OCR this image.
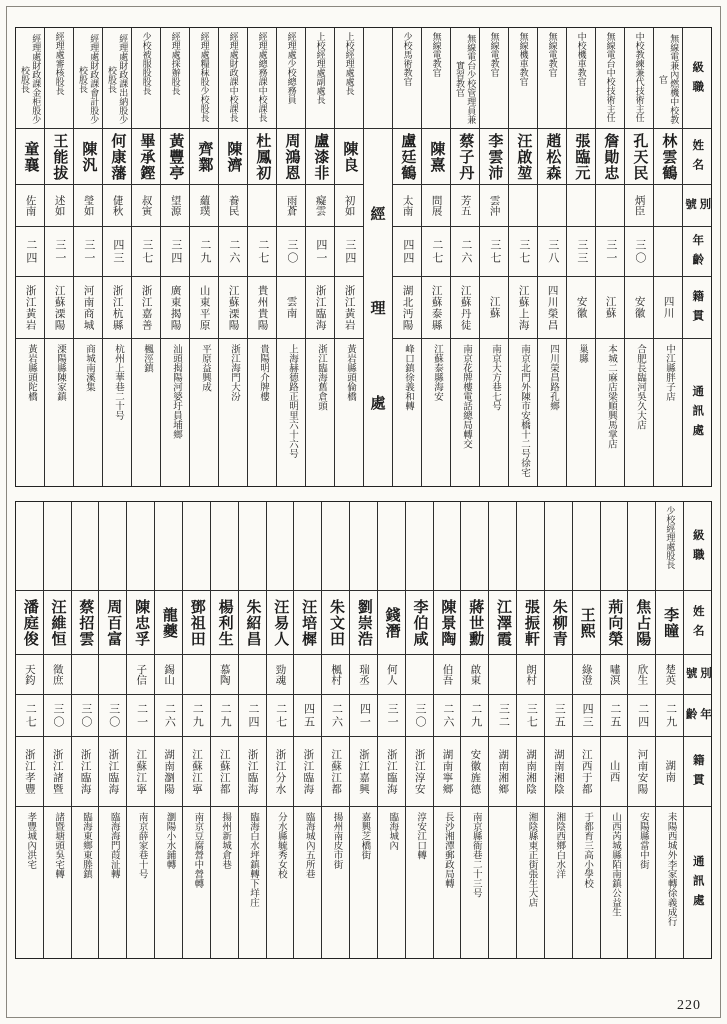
級職
姓名
別號
年齡
籍貫
通訊處
無線電兼內燃機中校教官
林雲鶴
四川
中江縣胖子店
中校教練兼代技術主任
孔天民
炳臣
三〇
安徽
合肥長臨河吳久大店
無線電台中校技術主任
詹勛忠
三一
江蘇
本城二麻店梁順興馬掌店
中校機車教官
張臨元
三三
安徽
巢縣
無線電教官
趙松森
三八
四川榮昌
四川榮昌路孔鄉
無線機車教官
汪啟堃
三七
江蘇上海
南京北門外陳市安橋十二号徐宅
無線電教官
李雲沛
雲沖
三七
江蘇
南京大方巷七号
無線電台少校管理員兼實習教官
蔡子丹
芳五
二六
江蘇丹徒
南京花牌樓電話總局轉交
無線電教官
陳熹
問展
二七
江蘇泰縣
江蘇泰縣海安
少校馬術教官
盧廷鶴
太南
四四
湖北沔陽
峰口鎮徐義和轉
經
理
處
上校經理處處長
陳良
初如
三四
浙江黃岩
黃岩縣頭倫橋
上校經理處副處長
盧漆非
癡雲
四一
浙江臨海
浙江臨海舊倉頭
經理處少校總務員
周鴻恩
雨蒼
三〇
雲南
上海赫德路正明里六十六号
經理處總務課中校課長
杜鳳初
二七
貴州貴陽
貴陽明介牌樓
經理處財政課中校課長
陳濟
養民
二六
江蘇溧陽
浙江海門大汾
經理處糧秣股少校股長
齊鄴
蘊璞
二九
山東平原
平原益興成
經理處採辦股長
黃豐亭
望源
三四
廣東揭陽
汕頭揭陽河婆圩員埔鄉
少校被服股股長
畢承鏗
叔寅
三七
浙江嘉善
楓涇鎮
經理處財政課出納股少校股長
何康藩
倢秋
四三
浙江杭縣
杭州上華巷二十号
經理處財政課會計股少校股長
陳汎
瑩如
三一
河南商城
商城南溪集
經理處審核股長
王能拔
述如
三一
江蘇溧陽
溧陽縣陳家鎮
經理處財政課金柜股少校股長
童襄
佐南
二四
浙江黃岩
黃岩縣頭陀橋
級職
姓名
別號
年齡
籍貫
通訊處
少校經理處股長
李瞳
楚英
二九
湖南
耒陽西城外李家轉徐義成行
焦占陽
欣生
二四
河南安陽
安陽縣當中街
荊向榮
嘯溟
二五
山西
山西芮城縣陌南鎮公益生
王熙
綠澄
四三
江西于都
于都育三高小學校
朱柳青
三五
湖南湘陰
湘陰西鄉白水洋
張振軒
朗村
三七
湖南湘陰
湘陰縣東正街張生大店
江澤霞
三二
湖南湘鄉
蔣世勳
啟東
二九
安徽旌德
南京縣衙巷二十三号
陳景陶
伯吾
二六
湖南寧鄉
長沙湘潭郵政局轉
李伯咸
三〇
浙江淳安
淳安江口轉
錢潛
何人
三一
浙江臨海
臨海城內
劉崇浩
瑞丞
四一
浙江嘉興
嘉興芝橋街
朱文田
楓村
二六
江蘇江都
揚州南皮市街
汪培樨
四五
浙江臨海
臨海城內五所巷
汪易人
勁魂
二七
浙江分水
分水縣毓秀女校
朱紹昌
二四
浙江臨海
臨海白水坪鎮轉下垟庄
楊利生
慕陶
二九
江蘇江都
揚州新城倉巷
鄧祖田
二九
江蘇江寧
南京豆腐營中營轉
龍夔
錫山
二六
湖南瀏陽
瀏陽小水鋪轉
陳忠孚
子信
二一
江蘇江寧
南京薛家巷十号
周百富
三〇
浙江臨海
臨海海門葭沚轉
蔡招雲
三〇
浙江臨海
臨海東鄉東塍鎮
汪維恒
徵庶
三〇
浙江諸暨
諸暨塘頭吳宅轉
潘庭俊
天鈞
二七
浙江孝豐
孝豐城內洪宅
220
